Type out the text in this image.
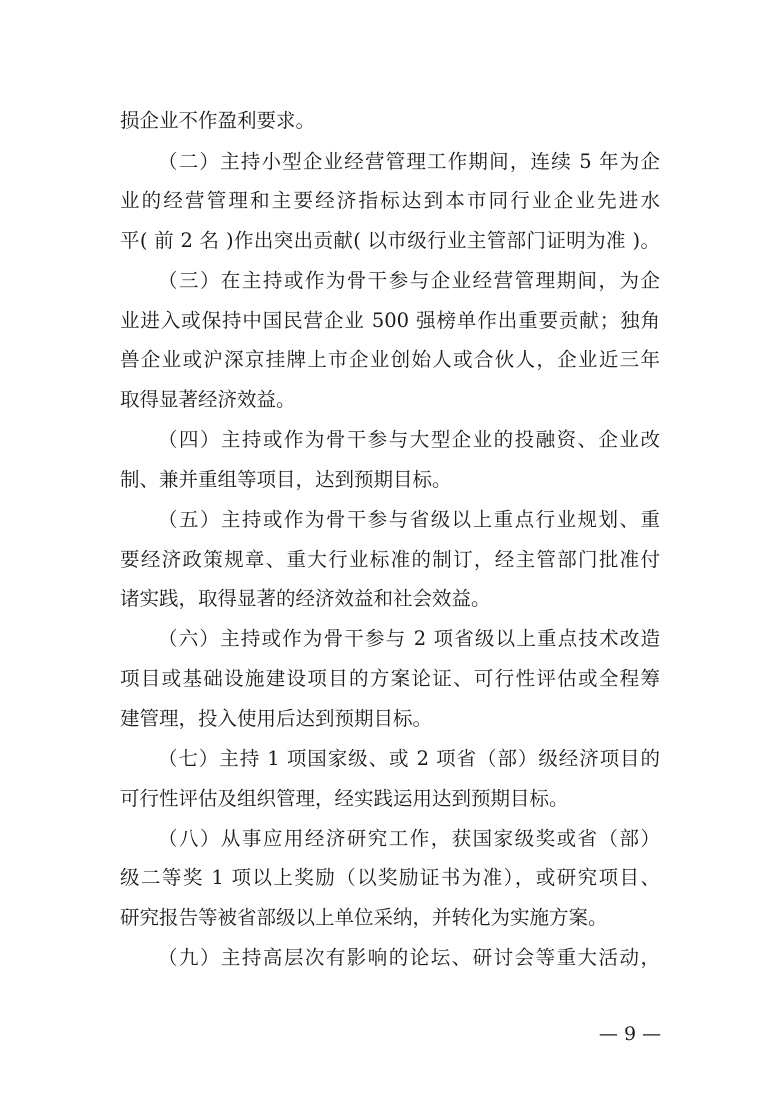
损企业不作盈利要求。
（二）主持小型企业经营管理工作期间，连续 5 年为企
业的经营管理和主要经济指标达到本市同行业企业先进水
平( 前 2 名 )作出突出贡献( 以市级行业主管部门证明为准 )。
（三）在主持或作为骨干参与企业经营管理期间，为企
业进入或保持中国民营企业 500 强榜单作出重要贡献；独角
兽企业或沪深京挂牌上市企业创始人或合伙人，企业近三年
取得显著经济效益。
（四）主持或作为骨干参与大型企业的投融资、企业改
制、兼并重组等项目，达到预期目标。
（五）主持或作为骨干参与省级以上重点行业规划、重
要经济政策规章、重大行业标准的制订，经主管部门批准付
诸实践，取得显著的经济效益和社会效益。
（六）主持或作为骨干参与 2 项省级以上重点技术改造
项目或基础设施建设项目的方案论证、可行性评估或全程筹
建管理，投入使用后达到预期目标。
（七）主持 1 项国家级、或 2 项省（部）级经济项目的
可行性评估及组织管理，经实践运用达到预期目标。
（八）从事应用经济研究工作，获国家级奖或省（部）
级二等奖 1 项以上奖励（以奖励证书为准），或研究项目、
研究报告等被省部级以上单位采纳，并转化为实施方案。
（九）主持高层次有影响的论坛、研讨会等重大活动，
— 9 —
